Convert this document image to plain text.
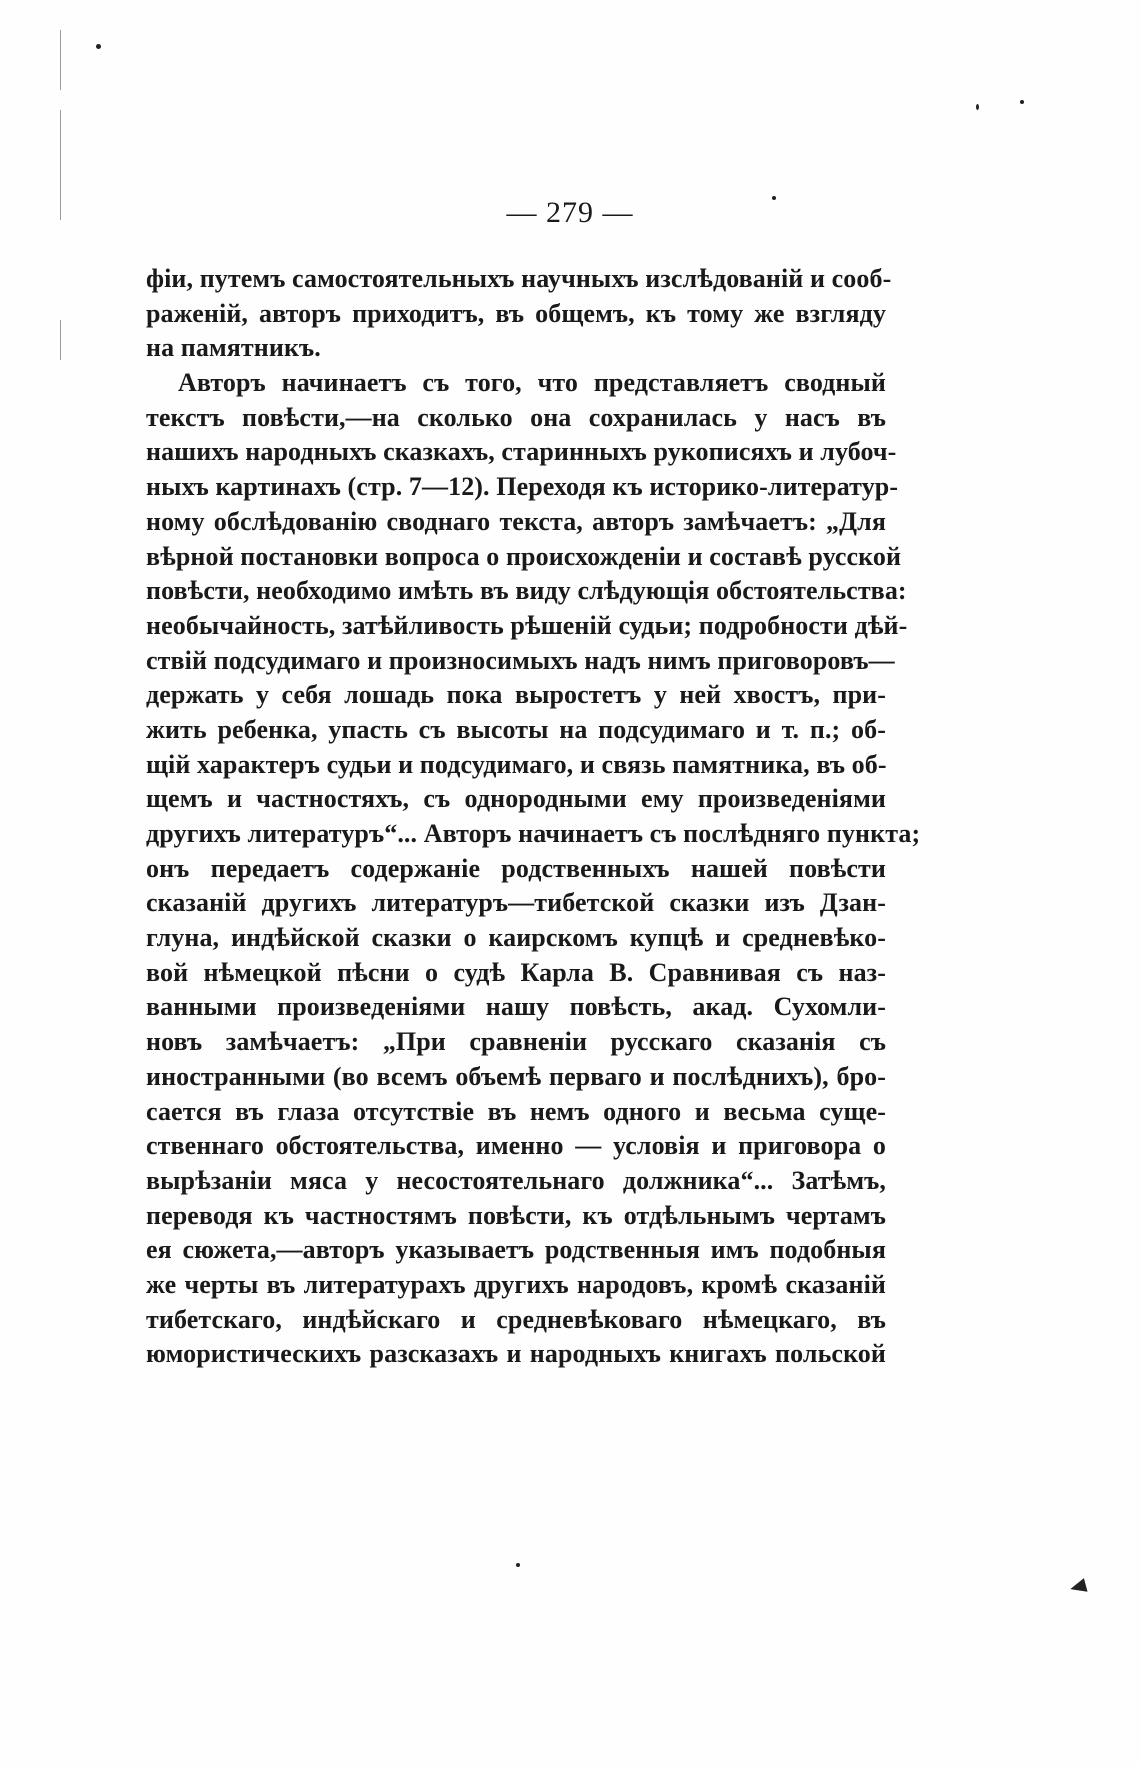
— 279 —
фіи, путемъ самостоятельныхъ научныхъ изслѣдованій и сооб-
раженій, авторъ приходитъ, въ общемъ, къ тому же взгляду
на памятникъ.
Авторъ начинаетъ съ того, что представляетъ сводный
текстъ повѣсти,—на сколько она сохранилась у насъ въ
нашихъ народныхъ сказкахъ, старинныхъ рукописяхъ и лубоч-
ныхъ картинахъ (стр. 7—12). Переходя къ историко-литератур-
ному обслѣдованію своднаго текста, авторъ замѣчаетъ: „Для
вѣрной постановки вопроса о происхожденіи и составѣ русской
повѣсти, необходимо имѣть въ виду слѣдующія обстоятельства:
необычайность, затѣйливость рѣшеній судьи; подробности дѣй-
ствій подсудимаго и произносимыхъ надъ нимъ приговоровъ—
держать у себя лошадь пока выростетъ у ней хвостъ, при-
жить ребенка, упасть съ высоты на подсудимаго и т. п.; об-
щій характеръ судьи и подсудимаго, и связь памятника, въ об-
щемъ и частностяхъ, съ однородными ему произведеніями
другихъ литературъ“... Авторъ начинаетъ съ послѣдняго пункта;
онъ передаетъ содержаніе родственныхъ нашей повѣсти
сказаній другихъ литературъ—тибетской сказки изъ Дзан-
глуна, индѣйской сказки о каирскомъ купцѣ и средневѣко-
вой нѣмецкой пѣсни о судѣ Карла В. Сравнивая съ наз-
ванными произведеніями нашу повѣсть, акад. Сухомли-
новъ замѣчаетъ: „При сравненіи русскаго сказанія съ
иностранными (во всемъ объемѣ перваго и послѣднихъ), бро-
сается въ глаза отсутствіе въ немъ одного и весьма суще-
ственнаго обстоятельства, именно — условія и приговора о
вырѣзаніи мяса у несостоятельнаго должника“... Затѣмъ,
переводя къ частностямъ повѣсти, къ отдѣльнымъ чертамъ
ея сюжета,—авторъ указываетъ родственныя имъ подобныя
же черты въ литературахъ другихъ народовъ, кромѣ сказаній
тибетскаго, индѣйскаго и средневѣковаго нѣмецкаго, въ
юмористическихъ разсказахъ и народныхъ книгахъ польской
